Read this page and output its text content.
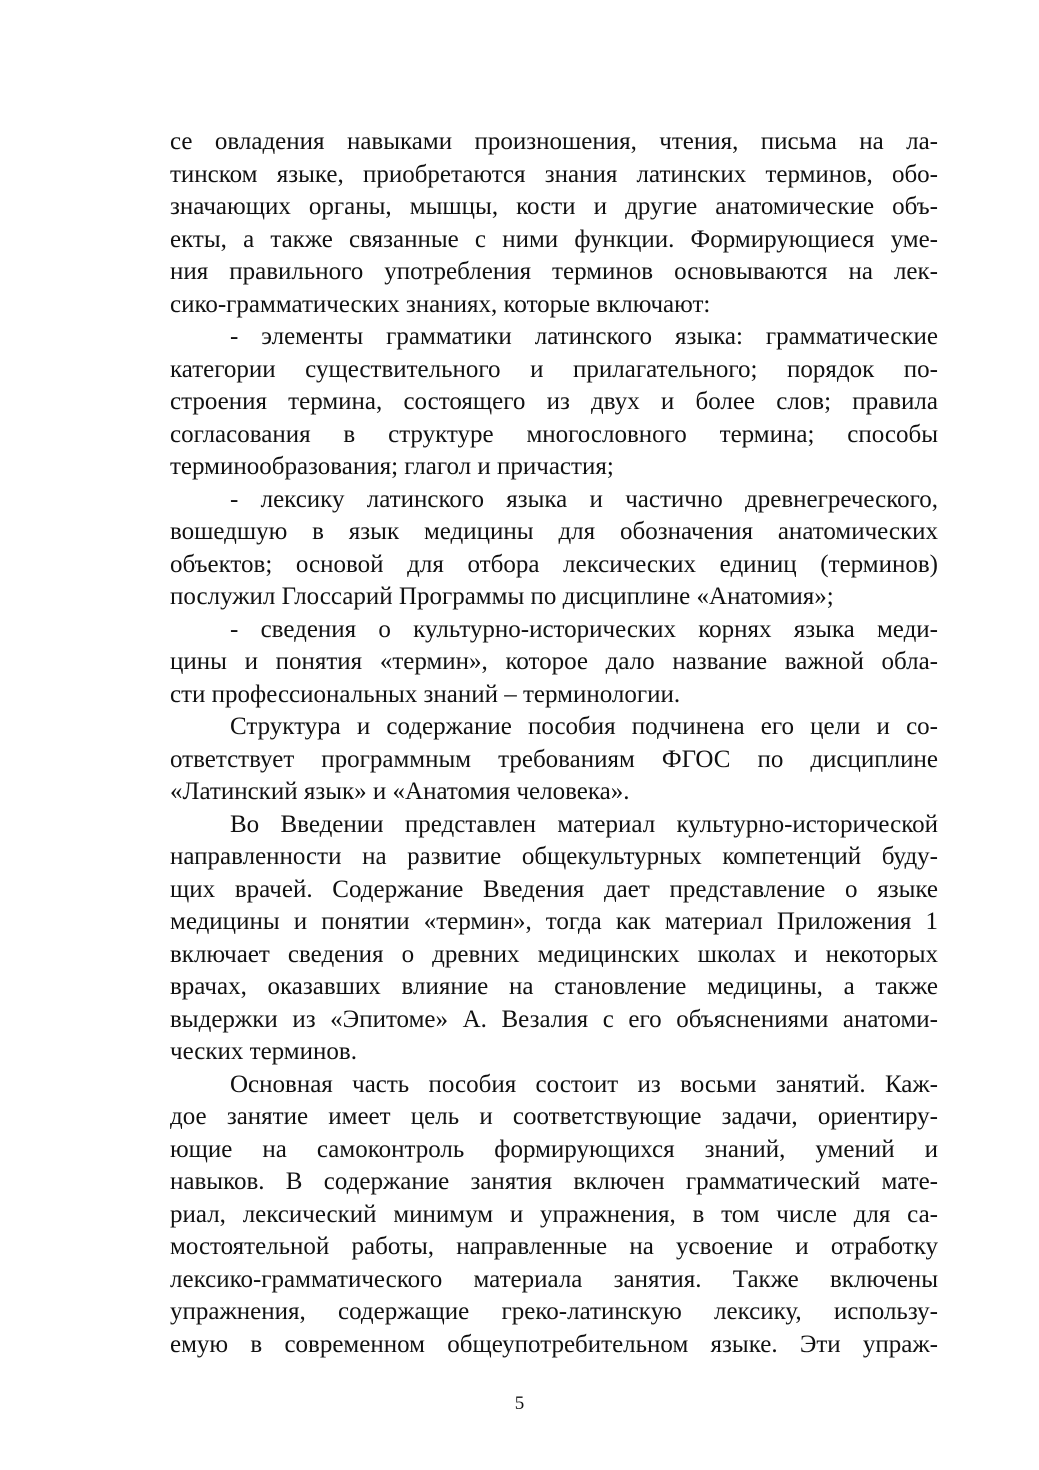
се овладения навыками произношения, чтения, письма на ла-
тинском языке, приобретаются знания латинских терминов, обо-
значающих органы, мышцы, кости и другие анатомические объ-
екты, а также связанные с ними функции. Формирующиеся уме-
ния правильного употребления терминов основываются на лек-
сико-грамматических знаниях, которые включают:
- элементы грамматики латинского языка: грамматические
категории существительного и прилагательного; порядок по-
строения термина, состоящего из двух и более слов; правила
согласования в структуре многословного термина; способы
терминообразования; глагол и причастия;
- лексику латинского языка и частично древнегреческого,
вошедшую в язык медицины для обозначения анатомических
объектов; основой для отбора лексических единиц (терминов)
послужил Глоссарий Программы по дисциплине «Анатомия»;
- сведения о культурно-исторических корнях языка меди-
цины и понятия «термин», которое дало название важной обла-
сти профессиональных знаний – терминологии.
Структура и содержание пособия подчинена его цели и со-
ответствует программным требованиям ФГОС по дисциплине
«Латинский язык» и «Анатомия человека».
Во Введении представлен материал культурно-исторической
направленности на развитие общекультурных компетенций буду-
щих врачей. Содержание Введения дает представление о языке
медицины и понятии «термин», тогда как материал Приложения 1
включает сведения о древних медицинских школах и некоторых
врачах, оказавших влияние на становление медицины, а также
выдержки из «Эпитоме» А. Везалия с его объяснениями анатоми-
ческих терминов.
Основная часть пособия состоит из восьми занятий. Каж-
дое занятие имеет цель и соответствующие задачи, ориентиру-
ющие на самоконтроль формирующихся знаний, умений и
навыков. В содержание занятия включен грамматический мате-
риал, лексический минимум и упражнения, в том числе для са-
мостоятельной работы, направленные на усвоение и отработку
лексико-грамматического материала занятия. Также включены
упражнения, содержащие греко-латинскую лексику, использу-
емую в современном общеупотребительном языке. Эти упраж-
5
